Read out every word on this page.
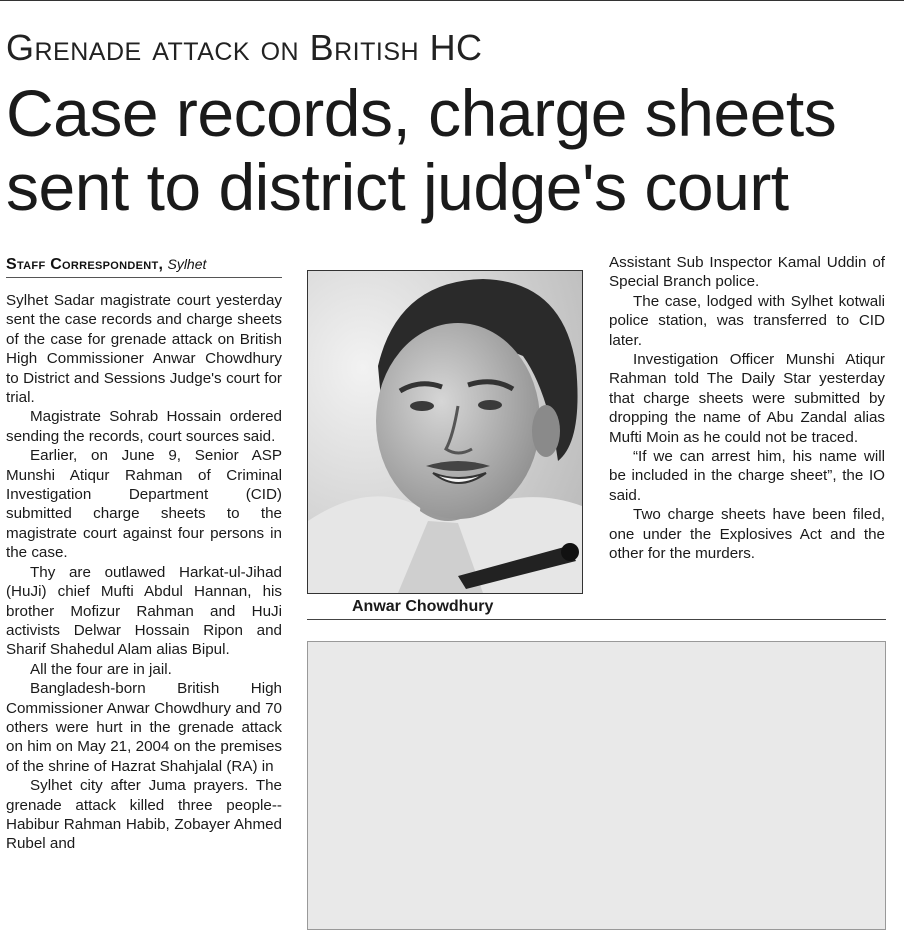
Grenade attack on British HC
Case records, charge sheets
sent to district judge's court
Staff Correspondent, Sylhet

Sylhet Sadar magistrate court yesterday sent the case records and charge sheets of the case for grenade attack on British High Commissioner Anwar Chowdhury to District and Sessions Judge's court for trial.

Magistrate Sohrab Hossain ordered sending the records, court sources said.

Earlier, on June 9, Senior ASP Munshi Atiqur Rahman of Criminal Investigation Department (CID) submitted charge sheets to the magistrate court against four persons in the case.

Thy are outlawed Harkat-ul-Jihad (HuJi) chief Mufti Abdul Hannan, his brother Mofizur Rahman and HuJi activists Delwar Hossain Ripon and Sharif Shahedul Alam alias Bipul.

All the four are in jail.

Bangladesh-born British High Commissioner Anwar Chowdhury and 70 others were hurt in the grenade attack on him on May 21, 2004 on the premises of the shrine of Hazrat Shahjalal (RA) in

Sylhet city after Juma prayers. The grenade attack killed three people--Habibur Rahman Habib, Zobayer Ahmed Rubel and

Anwar Chowdhury

Assistant Sub Inspector Kamal Uddin of Special Branch police.

The case, lodged with Sylhet kotwali police station, was transferred to CID later.

Investigation Officer Munshi Atiqur Rahman told The Daily Star yesterday that charge sheets were submitted by dropping the name of Abu Zandal alias Mufti Moin as he could not be traced.

“If we can arrest him, his name will be included in the charge sheet”, the IO said.

Two charge sheets have been filed, one under the Explosives Act and the other for the murders.
